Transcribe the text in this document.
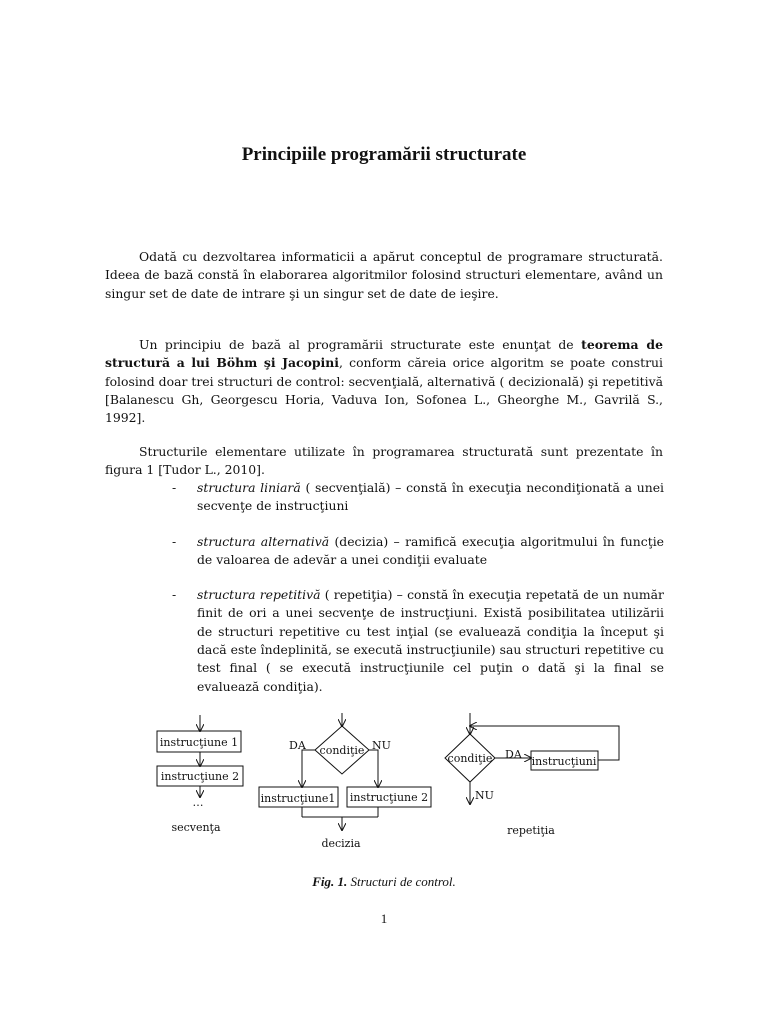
Principiile programării structurate
Odată cu dezvoltarea informaticii a apărut conceptul de programare structurată. Ideea de bază constă în elaborarea algoritmilor folosind structuri elementare, având un singur set de date de intrare şi un singur set de date de ieşire.
Un principiu de bază al programării structurate este enunţat de teorema de structură a lui Böhm şi Jacopini, conform căreia orice algoritm se poate construi folosind doar trei structuri de control: secvenţială, alternativă ( decizională) şi repetitivă [Balanescu Gh, Georgescu Horia, Vaduva Ion, Sofonea L., Gheorghe M., Gavrilă S., 1992].
Structurile elementare utilizate în programarea structurată sunt prezentate în figura 1 [Tudor L., 2010].
- structura liniară ( secvenţială) – constă în execuţia necondiţionată a unei secvenţe de instrucţiuni
- structura alternativă (decizia) – ramifică execuţia algoritmului în funcţie de valoarea de adevăr a unei condiţii evaluate
- structura repetitivă ( repetiţia) – constă în execuţia repetată de un număr finit de ori a unei secvenţe de instrucţiuni. Există posibilitatea utilizării de structuri repetitive cu test inţial (se evaluează condiţia la început şi dacă este îndeplinită, se execută instrucţiunile) sau structuri repetitive cu test final ( se execută instrucţiunile cel puţin o dată şi la final se evaluează condiţia).
instrucţiune 1
instrucţiune 2
…
secvenţa
condiţie
DA	NU
instrucţiune1 instrucţiune 2
decizia
condiţie DA
NU
instrucţiuni
repetiţia
Fig. 1. Structuri de control.
1
